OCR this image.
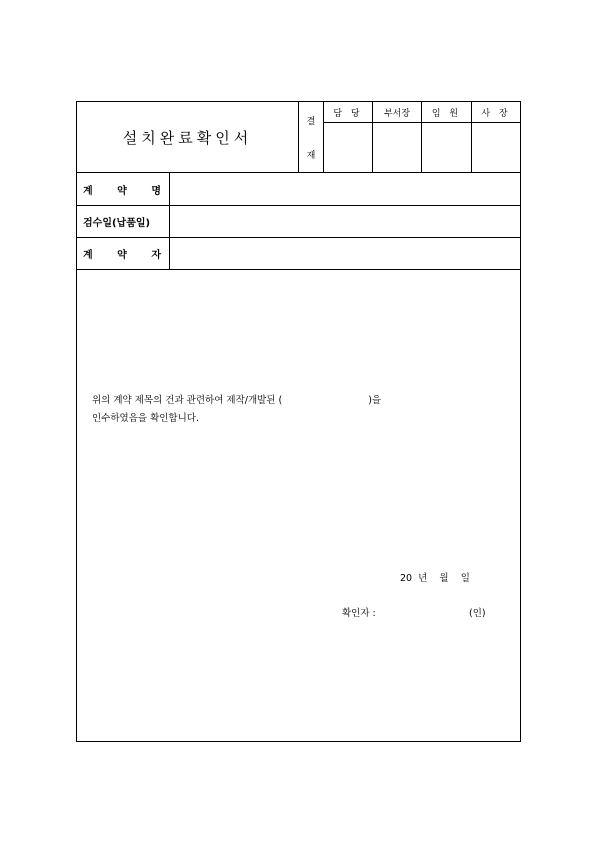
설 치 완 료 확 인 서
결
재
담 당	부서장	임 원	사 장
계 약 명
검수일(납품일)
계 약 자
위의 계약 제목의 건과 관련하여 제작/개발된 (	)을
인수하였음을 확인합니다.
20 년 월 일
확인자 :	(인)
